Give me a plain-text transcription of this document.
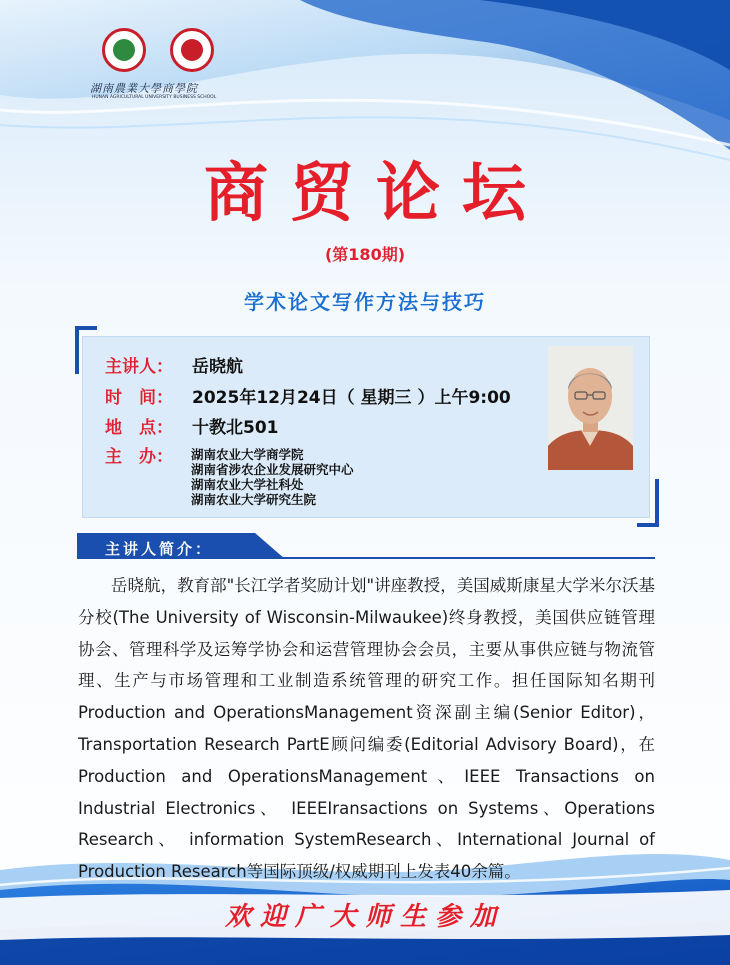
湖南農業大學商學院
HUNAN AGRICULTURAL UNIVERSITY BUSINESS SCHOOL
商贸论坛
(第180期)
学术论文写作方法与技巧
主讲人： 岳晓航
时　间： 2025年12月24日（ 星期三 ）上午9:00
地　点： 十教北501
主　办：	湖南农业大学商学院
湖南省涉农企业发展研究中心
湖南农业大学社科处
湖南农业大学研究生院
主讲人简介：
岳晓航，教育部"长江学者奖励计划"讲座教授，美国威斯康星大学米尔沃基分校(The University of Wisconsin-Milwaukee)终身教授，美国供应链管理协会、管理科学及运筹学协会和运营管理协会会员，主要从事供应链与物流管理、生产与市场管理和工业制造系统管理的研究工作。担任国际知名期刊Production and OperationsManagement资深副主编(Senior Editor)，Transportation Research PartE顾问编委(Editorial Advisory Board)，在Production and OperationsManagement、IEEE Transactions on Industrial Electronics、 IEEEIransactions on Systems、Operations Research、 information SystemResearch、International Journal of Production Research等国际顶级/权威期刊上发表40余篇。
欢迎广大师生参加
